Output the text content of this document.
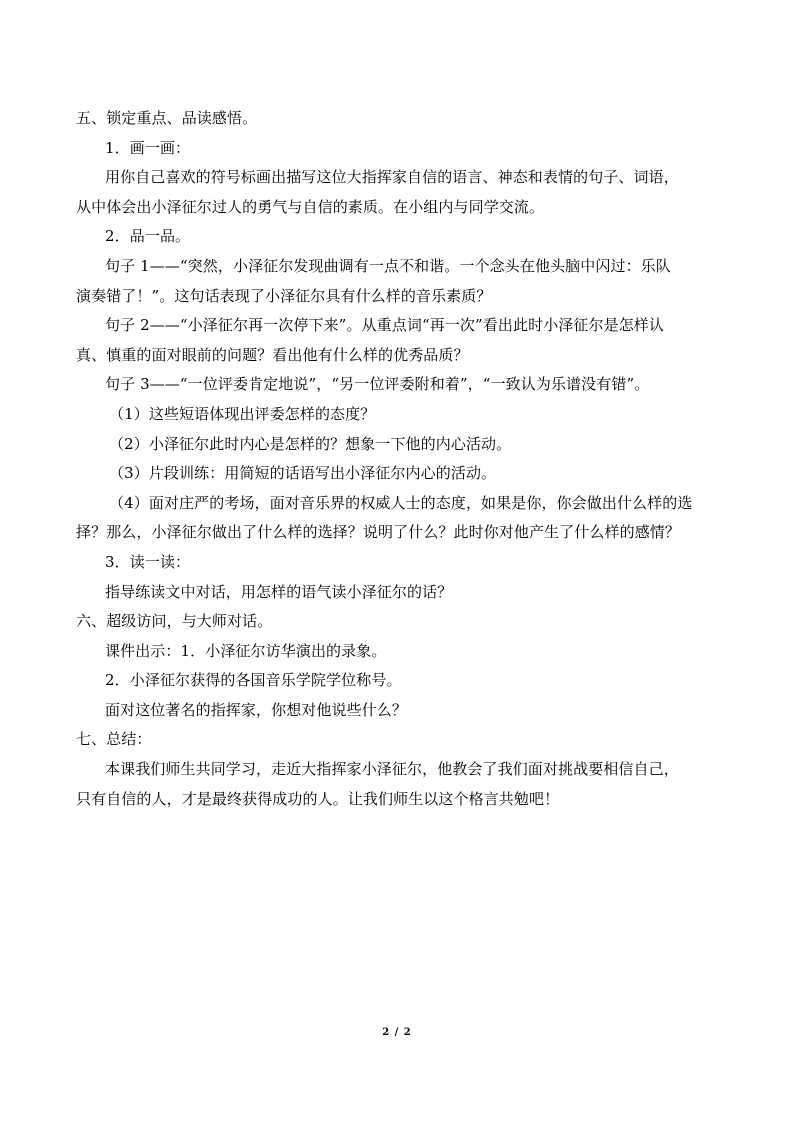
五、锁定重点、品读感悟。
1．画一画：
用你自己喜欢的符号标画出描写这位大指挥家自信的语言、神态和表情的句子、词语，
从中体会出小泽征尔过人的勇气与自信的素质。在小组内与同学交流。
2．品一品。
句子 1——“突然，小泽征尔发现曲调有一点不和谐。一个念头在他头脑中闪过：乐队
演奏错了！”。这句话表现了小泽征尔具有什么样的音乐素质？
句子 2——“小泽征尔再一次停下来”。从重点词“再一次”看出此时小泽征尔是怎样认
真、慎重的面对眼前的问题？看出他有什么样的优秀品质？
句子 3——“一位评委肯定地说”，“另一位评委附和着”，“一致认为乐谱没有错”。
（1）这些短语体现出评委怎样的态度？
（2）小泽征尔此时内心是怎样的？想象一下他的内心活动。
（3）片段训练：用简短的话语写出小泽征尔内心的活动。
（4）面对庄严的考场，面对音乐界的权威人士的态度，如果是你，你会做出什么样的选
择？那么，小泽征尔做出了什么样的选择？说明了什么？此时你对他产生了什么样的感情？
3．读一读：
指导练读文中对话，用怎样的语气读小泽征尔的话？
六、超级访问，与大师对话。
课件出示：1．小泽征尔访华演出的录象。
2．小泽征尔获得的各国音乐学院学位称号。
面对这位著名的指挥家，你想对他说些什么？
七、总结：
本课我们师生共同学习，走近大指挥家小泽征尔，他教会了我们面对挑战要相信自己，
只有自信的人，才是最终获得成功的人。让我们师生以这个格言共勉吧！
2 / 2
